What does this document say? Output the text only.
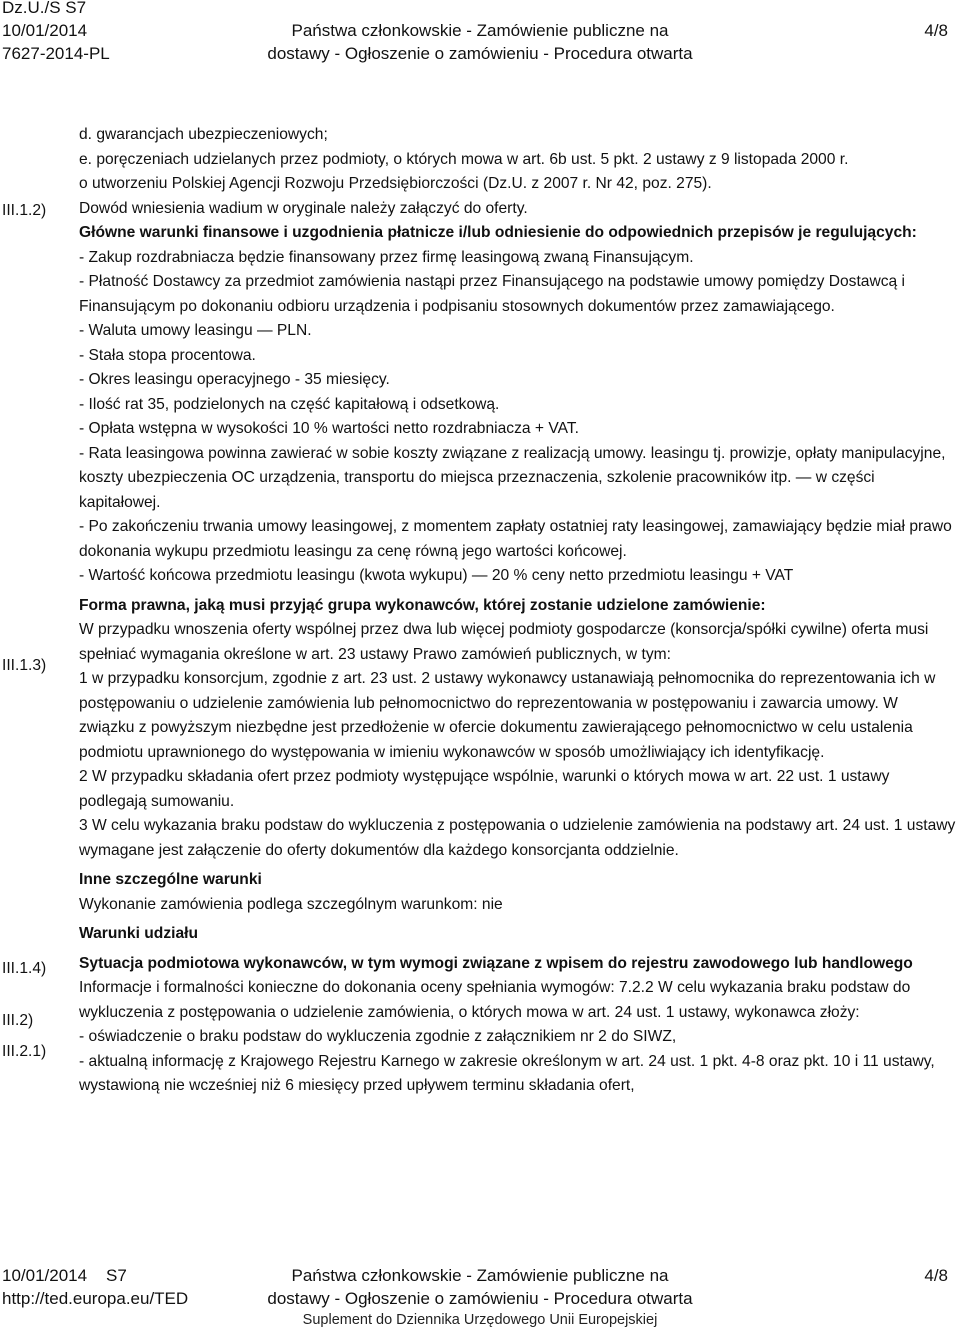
Dz.U./S S7
10/01/2014
7627-2014-PL
Państwa członkowskie - Zamówienie publiczne na
dostawy - Ogłoszenie o zamówieniu - Procedura otwarta
4/8
III.1.2)
III.1.3)
III.1.4)
III.2)
III.2.1)

d. gwarancjach ubezpieczeniowych;

e. poręczeniach udzielanych przez podmioty, o których mowa w art. 6b ust. 5 pkt. 2 ustawy z 9 listopada 2000 r.

o utworzeniu Polskiej Agencji Rozwoju Przedsiębiorczości (Dz.U. z 2007 r. Nr 42, poz. 275).

Dowód wniesienia wadium w oryginale należy załączyć do oferty.

Główne warunki finansowe i uzgodnienia płatnicze i/lub odniesienie do odpowiednich przepisów je regulujących:

- Zakup rozdrabniacza będzie finansowany przez firmę leasingową zwaną Finansującym.

- Płatność Dostawcy za przedmiot zamówienia nastąpi przez Finansującego na podstawie umowy pomiędzy Dostawcą i Finansującym po dokonaniu odbioru urządzenia i podpisaniu stosownych dokumentów przez zamawiającego.

- Waluta umowy leasingu — PLN.

- Stała stopa procentowa.

- Okres leasingu operacyjnego - 35 miesięcy.

- Ilość rat 35, podzielonych na część kapitałową i odsetkową.

- Opłata wstępna w wysokości 10 % wartości netto rozdrabniacza + VAT.

- Rata leasingowa powinna zawierać w sobie koszty związane z realizacją umowy. leasingu tj. prowizje, opłaty manipulacyjne, koszty ubezpieczenia OC urządzenia, transportu do miejsca przeznaczenia, szkolenie pracowników itp. — w części kapitałowej.

- Po zakończeniu trwania umowy leasingowej, z momentem zapłaty ostatniej raty leasingowej, zamawiający będzie miał prawo dokonania wykupu przedmiotu leasingu za cenę równą jego wartości końcowej.

- Wartość końcowa przedmiotu leasingu (kwota wykupu) — 20 % ceny netto przedmiotu leasingu + VAT

Forma prawna, jaką musi przyjąć grupa wykonawców, której zostanie udzielone zamówienie:

W przypadku wnoszenia oferty wspólnej przez dwa lub więcej podmioty gospodarcze (konsorcja/spółki cywilne) oferta musi spełniać wymagania określone w art. 23 ustawy Prawo zamówień publicznych, w tym:

1 w przypadku konsorcjum, zgodnie z art. 23 ust. 2 ustawy wykonawcy ustanawiają pełnomocnika do reprezentowania ich w postępowaniu o udzielenie zamówienia lub pełnomocnictwo do reprezentowania w postępowaniu i zawarcia umowy. W związku z powyższym niezbędne jest przedłożenie w ofercie dokumentu zawierającego pełnomocnictwo w celu ustalenia podmiotu uprawnionego do występowania w imieniu wykonawców w sposób umożliwiający ich identyfikację.

2 W przypadku składania ofert przez podmioty występujące wspólnie, warunki o których mowa w art. 22 ust. 1 ustawy podlegają sumowaniu.

3 W celu wykazania braku podstaw do wykluczenia z postępowania o udzielenie zamówienia na podstawy art. 24 ust. 1 ustawy wymagane jest załączenie do oferty dokumentów dla każdego konsorcjanta oddzielnie.

Inne szczególne warunki

Wykonanie zamówienia podlega szczególnym warunkom: nie

Warunki udziału

Sytuacja podmiotowa wykonawców, w tym wymogi związane z wpisem do rejestru zawodowego lub handlowego

Informacje i formalności konieczne do dokonania oceny spełniania wymogów: 7.2.2 W celu wykazania braku podstaw do wykluczenia z postępowania o udzielenie zamówienia, o których mowa w art. 24 ust. 1 ustawy, wykonawca złoży:

- oświadczenie o braku podstaw do wykluczenia zgodnie z załącznikiem nr 2 do SIWZ,

- aktualną informację z Krajowego Rejestru Karnego w zakresie określonym w art. 24 ust. 1 pkt. 4-8 oraz pkt. 10 i 11 ustawy, wystawioną nie wcześniej niż 6 miesięcy przed upływem terminu składania ofert,

10/01/2014    S7
http://ted.europa.eu/TED
Państwa członkowskie - Zamówienie publiczne na
dostawy - Ogłoszenie o zamówieniu - Procedura otwarta
Suplement do Dziennika Urzędowego Unii Europejskiej
4/8
